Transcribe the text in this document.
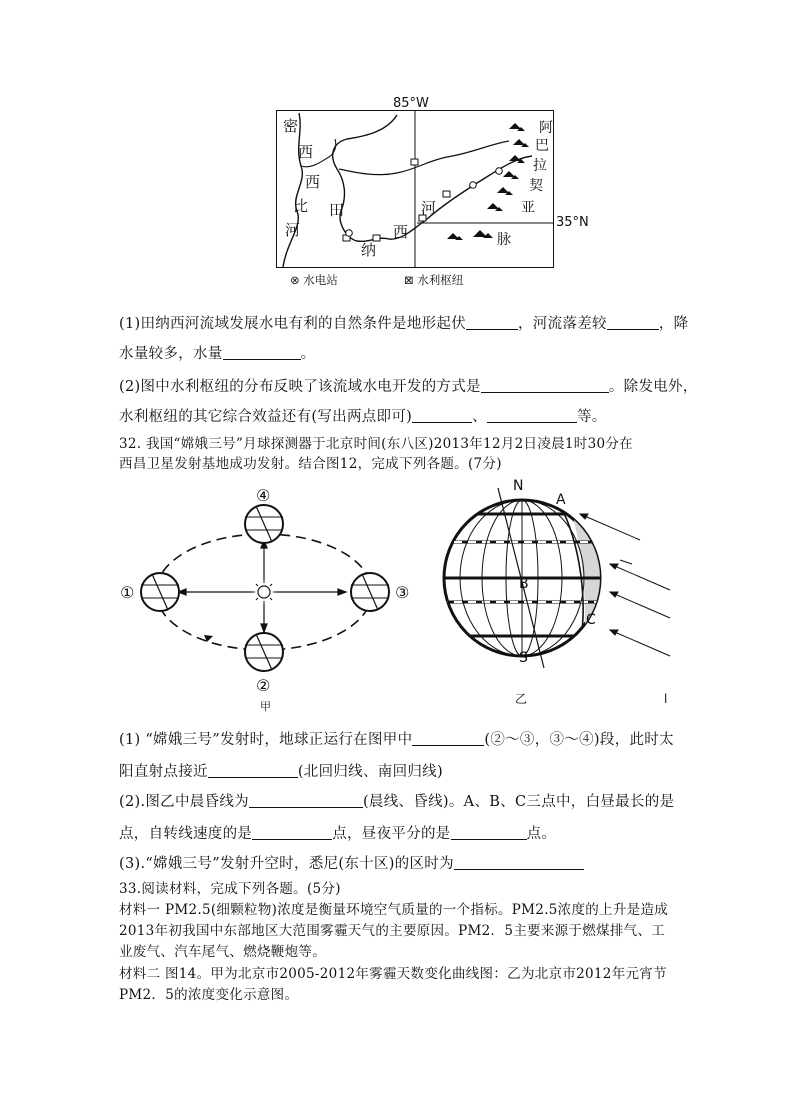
85°W
密
西
西
比
河
田
纳
西
河
阿
巴
拉
契
亚
脉
35°N
⊗ 水电站	⊠ 水利枢纽
(1)田纳西河流域发展水电有利的自然条件是地形起伏	，河流落差较	，降
水量较多，水量	。
(2)图中水利枢纽的分布反映了该流域水电开发的方式是	。除发电外，
水利枢纽的其它综合效益还有(写出两点即可)	、	等。
32. 我国“嫦娥三号”月球探测器于北京时间(东八区)2013年12月2日凌晨1时30分在
西昌卫星发射基地成功发射。结合图12，完成下列各题。(7分)
①
④
③
②
甲
N
A
B
C
S
乙	l
(1) “嫦娥三号”发射时，地球正运行在图甲中	(②～③，③～④)段，此时太
阳直射点接近	(北回归线、南回归线)
(2).图乙中晨昏线为	(晨线、昏线)。A、B、C三点中，白昼最长的是
点，自转线速度的是	点，昼夜平分的是	点。
(3).“嫦娥三号”发射升空时，悉尼(东十区)的区时为
33.阅读材料，完成下列各题。(5分)
材料一 PM2.5(细颗粒物)浓度是衡量环境空气质量的一个指标。PM2.5浓度的上升是造成
2013年初我国中东部地区大范围雾霾天气的主要原因。PM2．5主要来源于燃煤排气、工
业废气、汽车尾气、燃烧鞭炮等。
材料二 图14。甲为北京市2005-2012年雾霾天数变化曲线图：乙为北京市2012年元宵节
PM2．5的浓度变化示意图。
